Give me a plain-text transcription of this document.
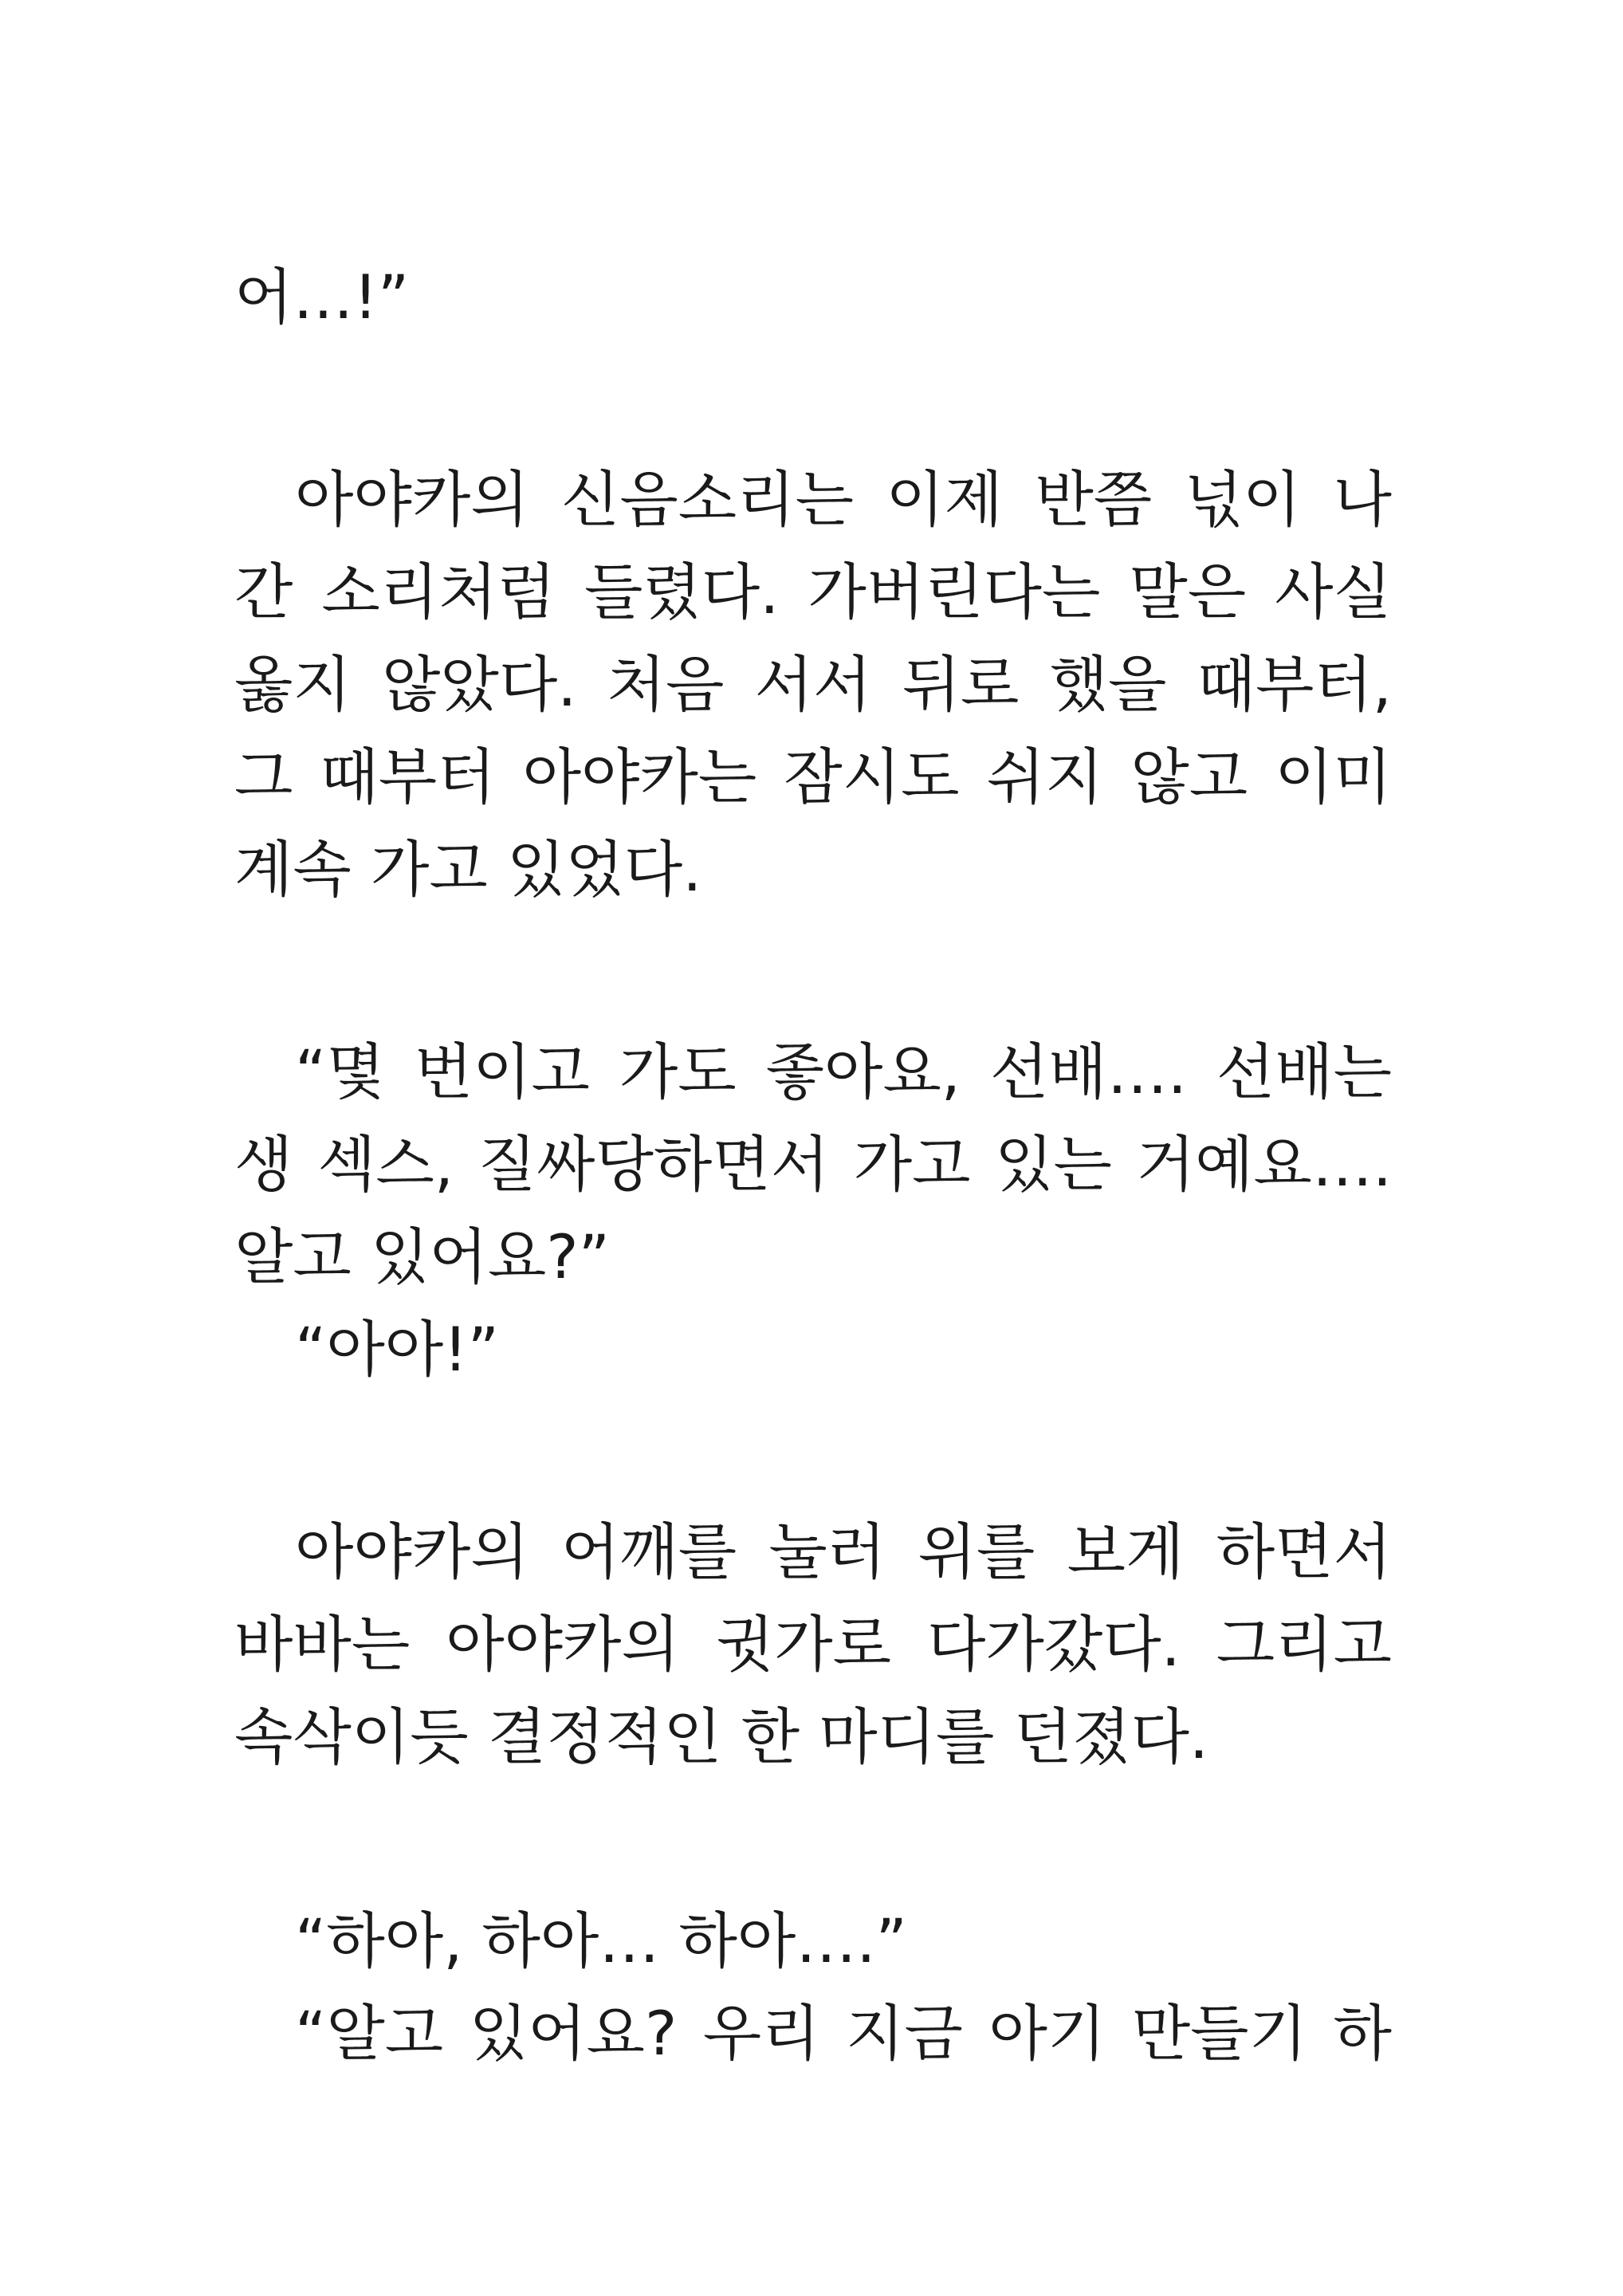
어…!”
아야카의 신음소리는 이제 반쯤 넋이 나
간 소리처럼 들렸다. 가버린다는 말은 사실
옳지 않았다. 처음 서서 뒤로 했을 때부터,
그 때부터 아야카는 잠시도 쉬지 않고 이미
계속 가고 있었다.
“몇 번이고 가도 좋아요, 선배…. 선배는
생 섹스, 질싸당하면서 가고 있는 거예요….
알고 있어요?”
“아아!”
아야카의 어깨를 눌러 위를 보게 하면서
바바는 아야카의 귓가로 다가갔다. 그리고
속삭이듯 결정적인 한 마디를 던졌다.
“하아, 하아… 하아….”
“알고 있어요? 우리 지금 아기 만들기 하
